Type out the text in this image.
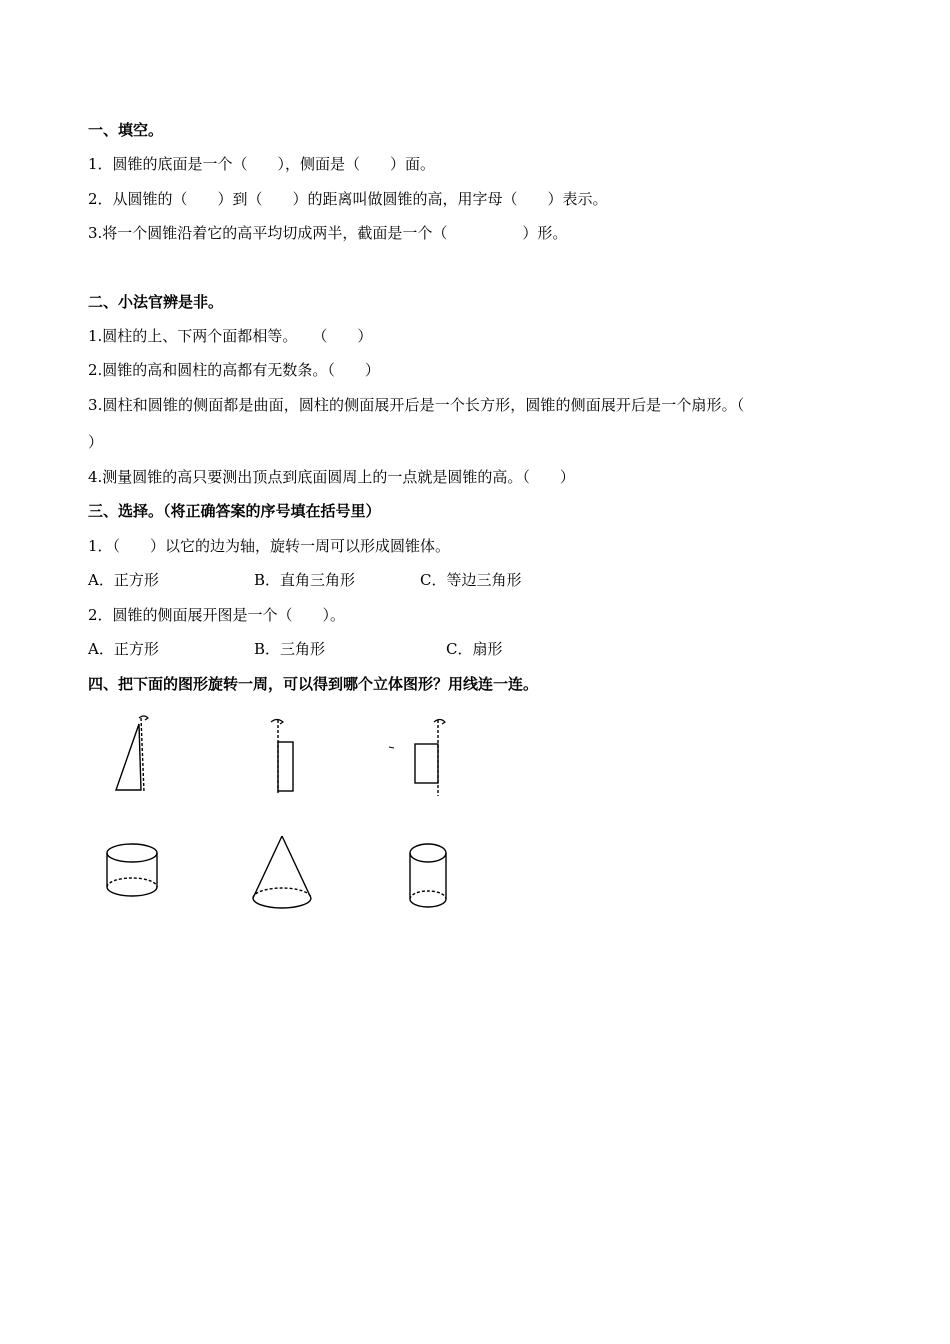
一、填空。
1．圆锥的底面是一个（　　），侧面是（　　）面。
2．从圆锥的（　　）到（　　）的距离叫做圆锥的高，用字母（　　）表示。
3.将一个圆锥沿着它的高平均切成两半，截面是一个（　　　　　）形。
二、小法官辨是非。
1.圆柱的上、下两个面都相等。　　（　　）
2.圆锥的高和圆柱的高都有无数条。（　　）
3.圆柱和圆锥的侧面都是曲面，圆柱的侧面展开后是一个长方形，圆锥的侧面展开后是一个扇形。（
）
4.测量圆锥的高只要测出顶点到底面圆周上的一点就是圆锥的高。（　　）
三、选择。（将正确答案的序号填在括号里）
1．（　　）以它的边为轴，旋转一周可以形成圆锥体。
A．正方形	B．直角三角形	C．等边三角形
2．圆锥的侧面展开图是一个（　　）。
A．正方形	B．三角形	C．扇形
四、把下面的图形旋转一周，可以得到哪个立体图形？用线连一连。
